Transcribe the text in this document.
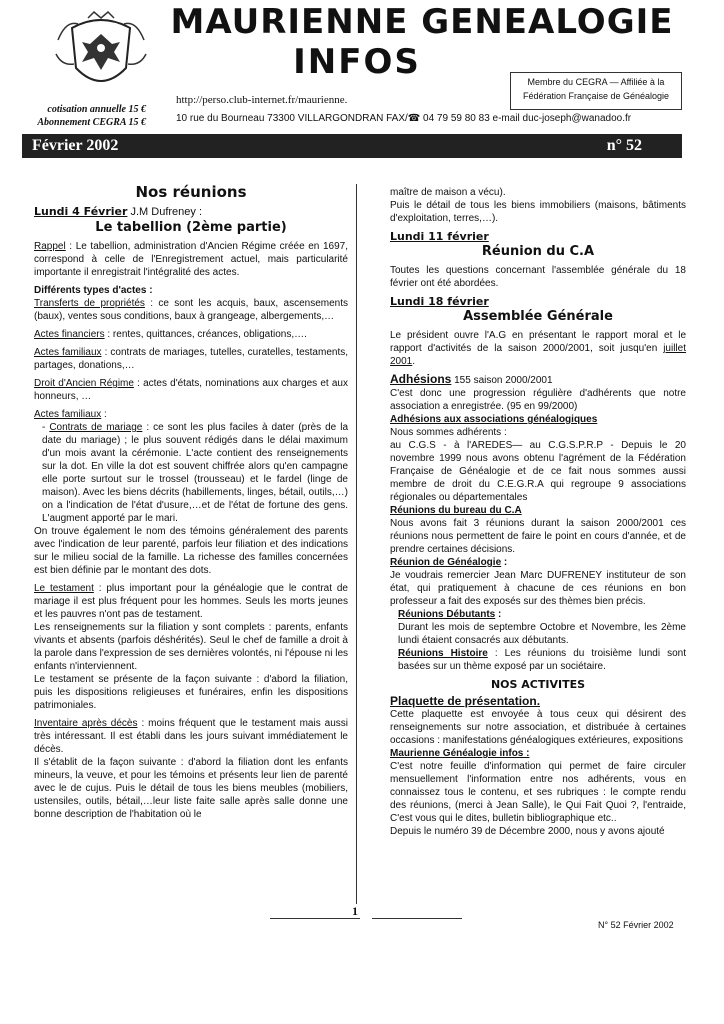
MAURIENNE GENEALOGIE
INFOS	Membre du CEGRA — Affiliée à la
Fédération Française de Généalogie
http://perso.club-internet.fr/maurienne.
cotisation annuelle 15 €
Abonnement CEGRA 15 €	10 rue du Bourneau 73300 VILLARGONDRAN FAX/☎ 04 79 59 80 83 e-mail duc-joseph@wanadoo.fr
Février 2002	n° 52
Nos réunions

Lundi 4 Février J.M Dufreney :

Le tabellion (2ème partie)

Rappel : Le tabellion, administration d'Ancien Régime créée en 1697, correspond à celle de l'Enregistrement actuel, mais particularité importante il enregistrait l'intégralité des actes.

Différents types d'actes :

Transferts de propriétés : ce sont les acquis, baux, ascensements (baux), ventes sous conditions, baux à grangeage, albergements,…

Actes financiers : rentes, quittances, créances, obligations,….

Actes familiaux : contrats de mariages, tutelles, curatelles, testaments, partages, donations,…

Droit d'Ancien Régime : actes d'états, nominations aux charges et aux honneurs, …

Actes familiaux :

- Contrats de mariage : ce sont les plus faciles à dater (près de la date du mariage) ; le plus souvent rédigés dans le délai maximum d'un mois avant la cérémonie. L'acte contient des renseignements sur la dot. En ville la dot est souvent chiffrée alors qu'en campagne elle porte surtout sur le trossel (trousseau) et le fardel (linge de maison). Avec les biens décrits (habillements, linges, bétail, outils,…) on a l'indication de l'état d'usure,…et de l'état de fortune des gens. L'augment apporté par le mari.

On trouve également le nom des témoins généralement des parents avec l'indication de leur parenté, parfois leur filiation et des indications sur le milieu social de la famille. La richesse des familles concernées est bien définie par le montant des dots.

Le testament : plus important pour la généalogie que le contrat de mariage il est plus fréquent pour les hommes. Seuls les morts jeunes et les pauvres n'ont pas de testament.

Les renseignements sur la filiation y sont complets : parents, enfants vivants et absents (parfois déshérités). Seul le chef de famille a droit à la parole dans l'expression de ses dernières volontés, ni l'épouse ni les enfants n'interviennent.

Le testament se présente de la façon suivante : d'abord la filiation, puis les dispositions religieuses et funéraires, enfin les dispositions patrimoniales.

Inventaire après décès : moins fréquent que le testament mais aussi très intéressant. Il est établi dans les jours suivant immédiatement le décès.

Il s'établit de la façon suivante : d'abord la filiation dont les enfants mineurs, la veuve, et pour les témoins et présents leur lien de parenté avec le de cujus. Puis le détail de tous les biens meubles (mobiliers, ustensiles, outils, bétail,…leur liste faite salle après salle donne une bonne description de l'habitation où le

maître de maison a vécu).

Puis le détail de tous les biens immobiliers (maisons, bâtiments d'exploitation, terres,…).

Lundi 11 février
Réunion du C.A

Toutes les questions concernant l'assemblée générale du 18 février ont été abordées.

Lundi 18 février
Assemblée Générale

Le président ouvre l'A.G en présentant le rapport moral et le rapport d'activités de la saison 2000/2001, soit jusqu'en juillet 2001.

Adhésions 155 saison 2000/2001

C'est donc une progression régulière d'adhérents que notre association a enregistrée. (95 en 99/2000)

Adhésions aux associations généalogiques

Nous sommes adhérents :

au C.G.S - à l'AREDES— au C.G.S.P.R.P - Depuis le 20 novembre 1999 nous avons obtenu l'agrément de la Fédération Française de Généalogie et de ce fait nous sommes aussi membre de droit du C.E.G.R.A qui regroupe 9 associations régionales ou départementales

Réunions du bureau du C.A

Nous avons fait 3 réunions durant la saison 2000/2001 ces réunions nous permettent de faire le point en cours d'année, et de prendre certaines décisions.

Réunion de Généalogie :

Je voudrais remercier Jean Marc DUFRENEY instituteur de son état, qui pratiquement à chacune de ces réunions en bon professeur a fait des exposés sur des thèmes bien précis.

Réunions Débutants :

Durant les mois de septembre Octobre et Novembre, les 2ème lundi étaient consacrés aux débutants.

Réunions Histoire : Les réunions du troisième lundi sont basées sur un thème exposé par un sociétaire.

NOS ACTIVITES

Plaquette de présentation.

Cette plaquette est envoyée à tous ceux qui désirent des renseignements sur notre association, et distribuée à certaines occasions : manifestations généalogiques extérieures, expositions

Maurienne Généalogie infos :

C'est notre feuille d'information qui permet de faire circuler mensuellement l'information entre nos adhérents, vous en connaissez tous le contenu, et ses rubriques : le compte rendu des réunions, (merci à Jean Salle), le Qui Fait Quoi ?, l'entraide, C'est vous qui le dites, bulletin bibliographique etc..

Depuis le numéro 39 de Décembre 2000, nous y avons ajouté

1
N° 52 Février 2002
